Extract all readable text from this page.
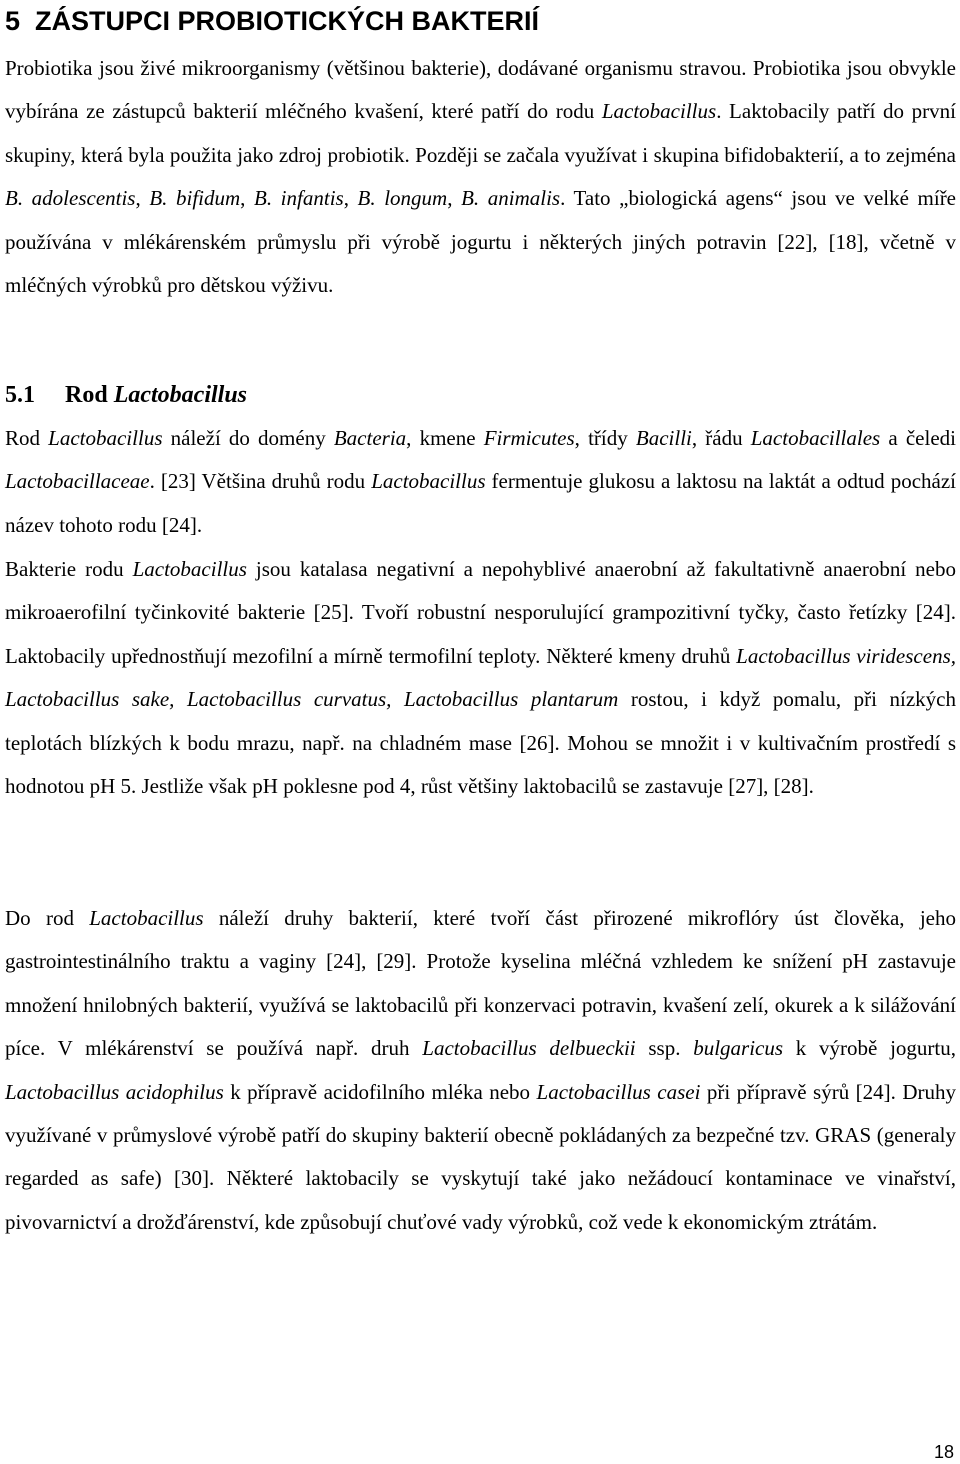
5 ZÁSTUPCI PROBIOTICKÝCH BAKTERIÍ

Probiotika jsou živé mikroorganismy (většinou bakterie), dodávané organismu stravou. Probiotika jsou obvykle vybírána ze zástupců bakterií mléčného kvašení, které patří do rodu Lactobacillus. Laktobacily patří do první skupiny, která byla použita jako zdroj probiotik. Později se začala využívat i skupina bifidobakterií, a to zejména B. adolescentis, B. bifidum, B. infantis, B. longum, B. animalis. Tato „biologická agens“ jsou ve velké míře používána v mlékárenském průmyslu při výrobě jogurtu i některých jiných potravin [22], [18], včetně v mléčných výrobků pro dětskou výživu.

5.1 Rod Lactobacillus

Rod Lactobacillus náleží do domény Bacteria, kmene Firmicutes, třídy Bacilli, řádu Lactobacillales a čeledi Lactobacillaceae. [23] Většina druhů rodu Lactobacillus fermentuje glukosu a laktosu na laktát a odtud pochází název tohoto rodu [24].

Bakterie rodu Lactobacillus jsou katalasa negativní a nepohyblivé anaerobní až fakultativně anaerobní nebo mikroaerofilní tyčinkovité bakterie [25]. Tvoří robustní nesporulující grampozitivní tyčky, často řetízky [24]. Laktobacily upřednostňují mezofilní a mírně termofilní teploty. Některé kmeny druhů Lactobacillus viridescens, Lactobacillus sake, Lactobacillus curvatus, Lactobacillus plantarum rostou, i když pomalu, při nízkých teplotách blízkých k bodu mrazu, např. na chladném mase [26]. Mohou se množit i v kultivačním prostředí s hodnotou pH 5. Jestliže však pH poklesne pod 4, růst většiny laktobacilů se zastavuje [27], [28].

Do rod Lactobacillus náleží druhy bakterií, které tvoří část přirozené mikroflóry úst člověka, jeho gastrointestinálního traktu a vaginy [24], [29]. Protože kyselina mléčná vzhledem ke snížení pH zastavuje množení hnilobných bakterií, využívá se laktobacilů při konzervaci potravin, kvašení zelí, okurek a k silážování píce. V mlékárenství se používá např. druh Lactobacillus delbueckii ssp. bulgaricus k výrobě jogurtu, Lactobacillus acidophilus k přípravě acidofilního mléka nebo Lactobacillus casei při přípravě sýrů [24]. Druhy využívané v průmyslové výrobě patří do skupiny bakterií obecně pokládaných za bezpečné tzv. GRAS (generaly regarded as safe) [30]. Některé laktobacily se vyskytují také jako nežádoucí kontaminace ve vinařství, pivovarnictví a drožďárenství, kde způsobují chuťové vady výrobků, což vede k ekonomickým ztrátám.

18
